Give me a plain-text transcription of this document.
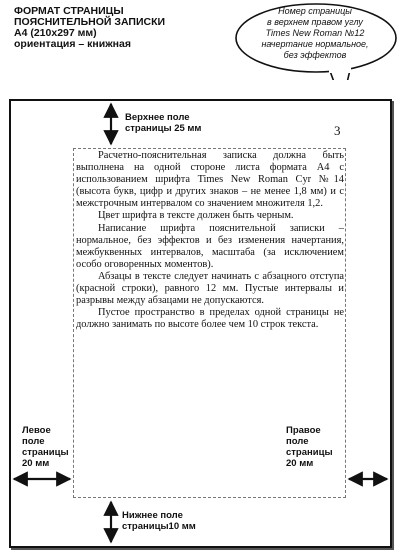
ФОРМАТ СТРАНИЦЫ
ПОЯСНИТЕЛЬНОЙ ЗАПИСКИ
А4 (210x297 мм)
ориентация – книжная
Номер страницы
в верхнем правом углу
Times New Roman №12
начертание нормальное,
без эффектов
3

Расчетно-пояснительная записка должна быть выполнена на одной стороне листа формата А4 с использованием шрифта Times New Roman Cyr №14 (высота букв, цифр и других знаков – не менее 1,8 мм) и с межстрочным интервалом со значением множителя 1,2.

Цвет шрифта в тексте должен быть черным.

Написание шрифта пояснительной записки – нормальное, без эффектов и без изменения начертания, межбуквенных интервалов, масштаба (за исключением особо оговоренных моментов).

Абзацы в тексте следует начинать с абзацного отступа (красной строки), равного 12 мм. Пустые интервалы и разрывы между абзацами не допускаются.

Пустое пространство в пределах одной страницы не должно занимать по высоте более чем 10 строк текста.

Верхнее поле
страницы 25 мм
Левое
поле
страницы
20 мм
Правое
поле
страницы
20 мм
Нижнее поле
страницы10 мм
